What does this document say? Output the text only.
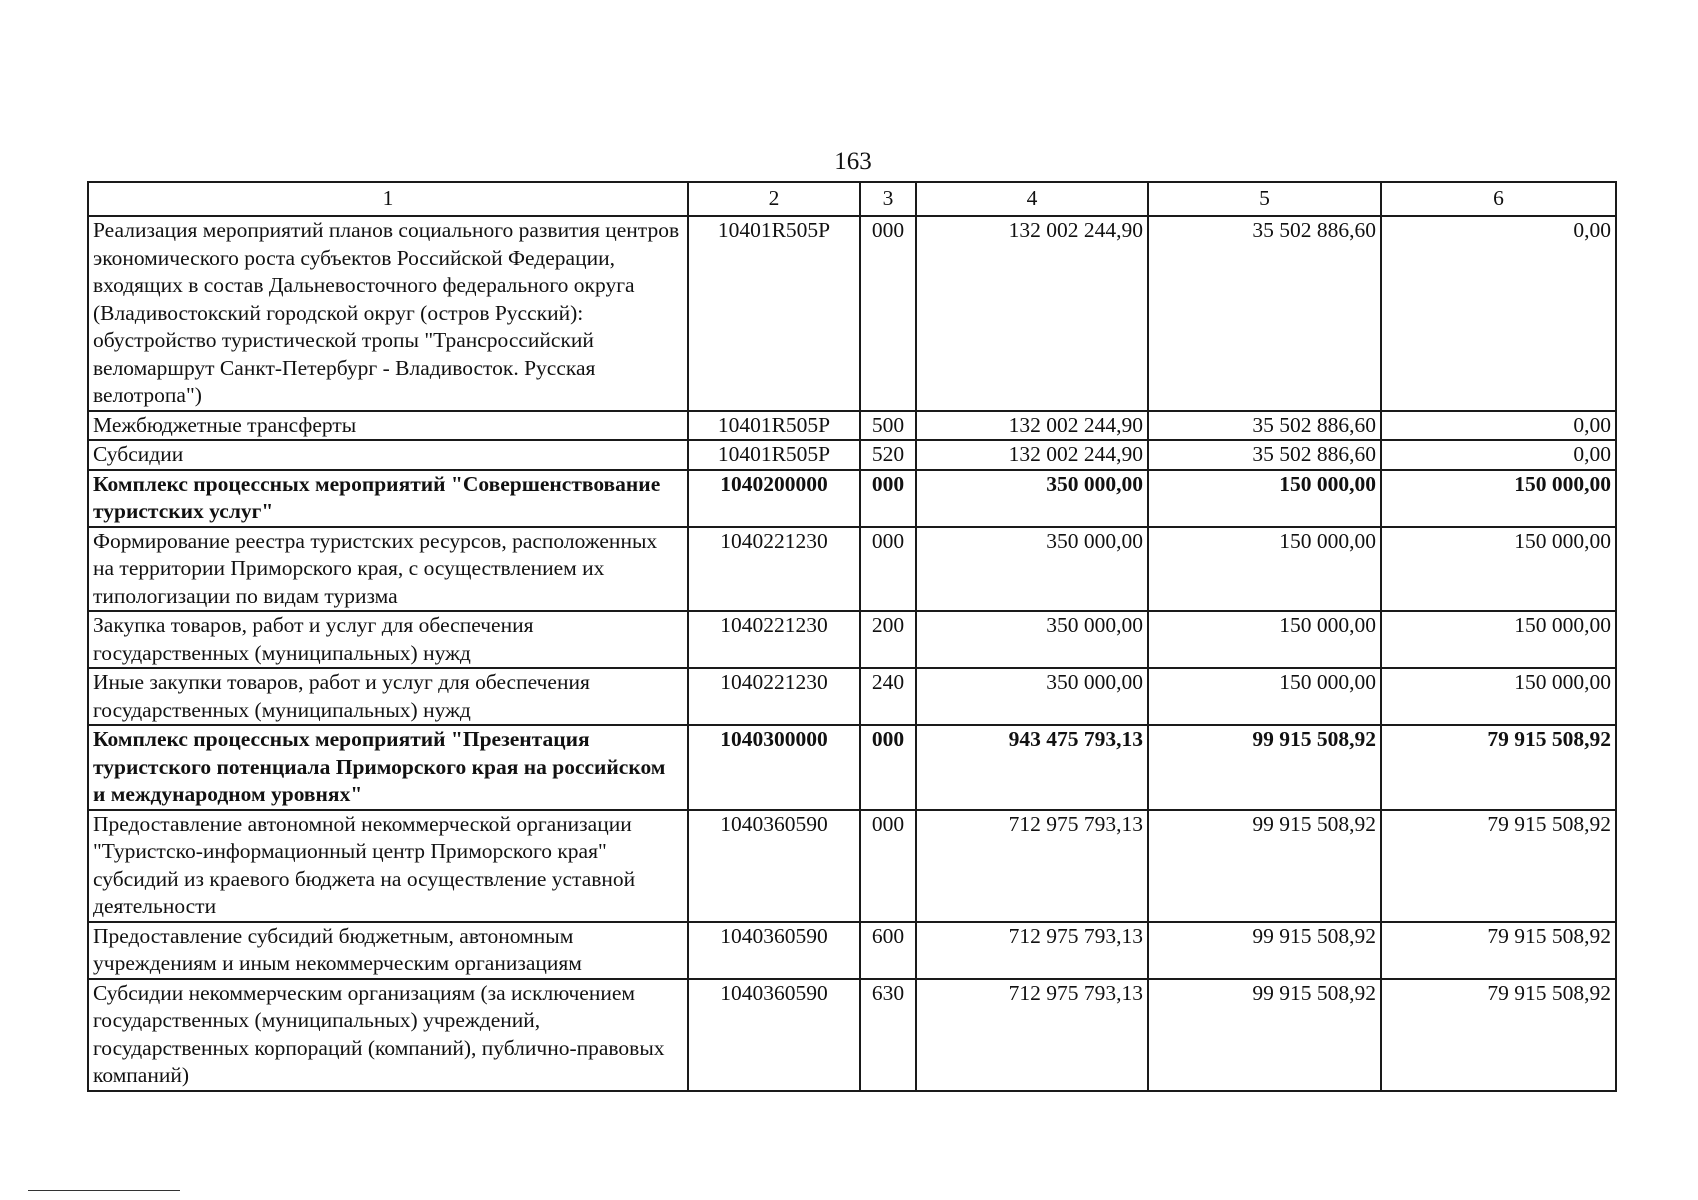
163
1	2	3	4	5	6
Реализация мероприятий планов социального развития центров экономического роста субъектов Российской Федерации, входящих в состав Дальневосточного федерального округа (Владивостокский городской округ (остров Русский): обустройство туристической тропы "Трансроссийский веломаршрут Санкт-Петербург - Владивосток. Русская велотропа")	10401R505P	000	132 002 244,90	35 502 886,60	0,00
Межбюджетные трансферты	10401R505P	500	132 002 244,90	35 502 886,60	0,00
Субсидии	10401R505P	520	132 002 244,90	35 502 886,60	0,00
Комплекс процессных мероприятий "Совершенствование туристских услуг"	1040200000	000	350 000,00	150 000,00	150 000,00
Формирование реестра туристских ресурсов, расположенных на территории Приморского края, с осуществлением их типологизации по видам туризма	1040221230	000	350 000,00	150 000,00	150 000,00
Закупка товаров, работ и услуг для обеспечения государственных (муниципальных) нужд	1040221230	200	350 000,00	150 000,00	150 000,00
Иные закупки товаров, работ и услуг для обеспечения государственных (муниципальных) нужд	1040221230	240	350 000,00	150 000,00	150 000,00
Комплекс процессных мероприятий "Презентация туристского потенциала Приморского края на российском и международном уровнях"	1040300000	000	943 475 793,13	99 915 508,92	79 915 508,92
Предоставление автономной некоммерческой организации "Туристско-информационный центр Приморского края" субсидий из краевого бюджета на осуществление уставной деятельности	1040360590	000	712 975 793,13	99 915 508,92	79 915 508,92
Предоставление субсидий бюджетным, автономным учреждениям и иным некоммерческим организациям	1040360590	600	712 975 793,13	99 915 508,92	79 915 508,92
Субсидии некоммерческим организациям (за исключением государственных (муниципальных) учреждений, государственных корпораций (компаний), публично-правовых компаний)	1040360590	630	712 975 793,13	99 915 508,92	79 915 508,92
